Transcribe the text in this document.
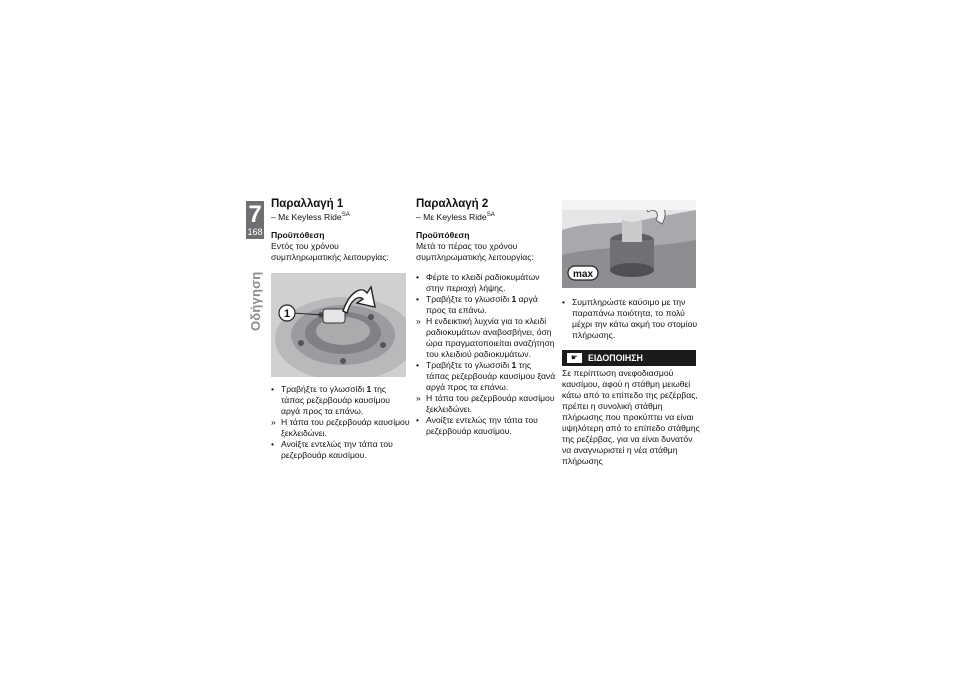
7
168
Οδήγηση
Παραλλαγή 1

– Με Keyless Ride$^{SA}$

Προϋπόθεση

Εντός του χρόνου συμπληρωματικής λειτουργίας:

1
• Τραβήξτε το γλωσσίδι 1 της τάπας ρεζερβουάρ καυσίμου αργά προς τα επάνω.
» Η τάπα του ρεζερβουάρ καυσίμου ξεκλειδώνει.
• Ανοίξτε εντελώς την τάπα του ρεζερβουάρ καυσίμου.
Παραλλαγή 2

– Με Keyless Ride$^{SA}$

Προϋπόθεση

Μετά το πέρας του χρόνου συμπληρωματικής λειτουργίας:

• Φέρτε το κλειδί ραδιοκυμάτων στην περιοχή λήψης.
• Τραβήξτε το γλωσσίδι 1 αργά προς τα επάνω.
» Η ενδεικτική λυχνία για το κλειδί ραδιοκυμάτων αναβοσβήνει, όση ώρα πραγματοποιείται αναζήτηση του κλειδιού ραδιοκυμάτων.
• Τραβήξτε το γλωσσίδι 1 της τάπας ρεζερβουάρ καυσίμου ξανά αργά προς τα επάνω.
» Η τάπα του ρεζερβουάρ καυσίμου ξεκλειδώνει.
• Ανοίξτε εντελώς την τάπα του ρεζερβουάρ καυσίμου.
max
• Συμπληρώστε καύσιμο με την παραπάνω ποιότητα, το πολύ μέχρι την κάτω ακμή του στομίου πλήρωσης.
☛	ΕΙΔΟΠΟΙΗΣΗ

Σε περίπτωση ανεφοδιασμού καυσίμου, αφού η στάθμη μειωθεί κάτω από το επίπεδο της ρεζέρβας, πρέπει η συνολική στάθμη πλήρωσης που προκύπτει να είναι υψηλότερη από το επίπεδο στάθμης της ρεζέρβας, για να είναι δυνατόν να αναγνωριστεί η νέα στάθμη πλήρωσης
